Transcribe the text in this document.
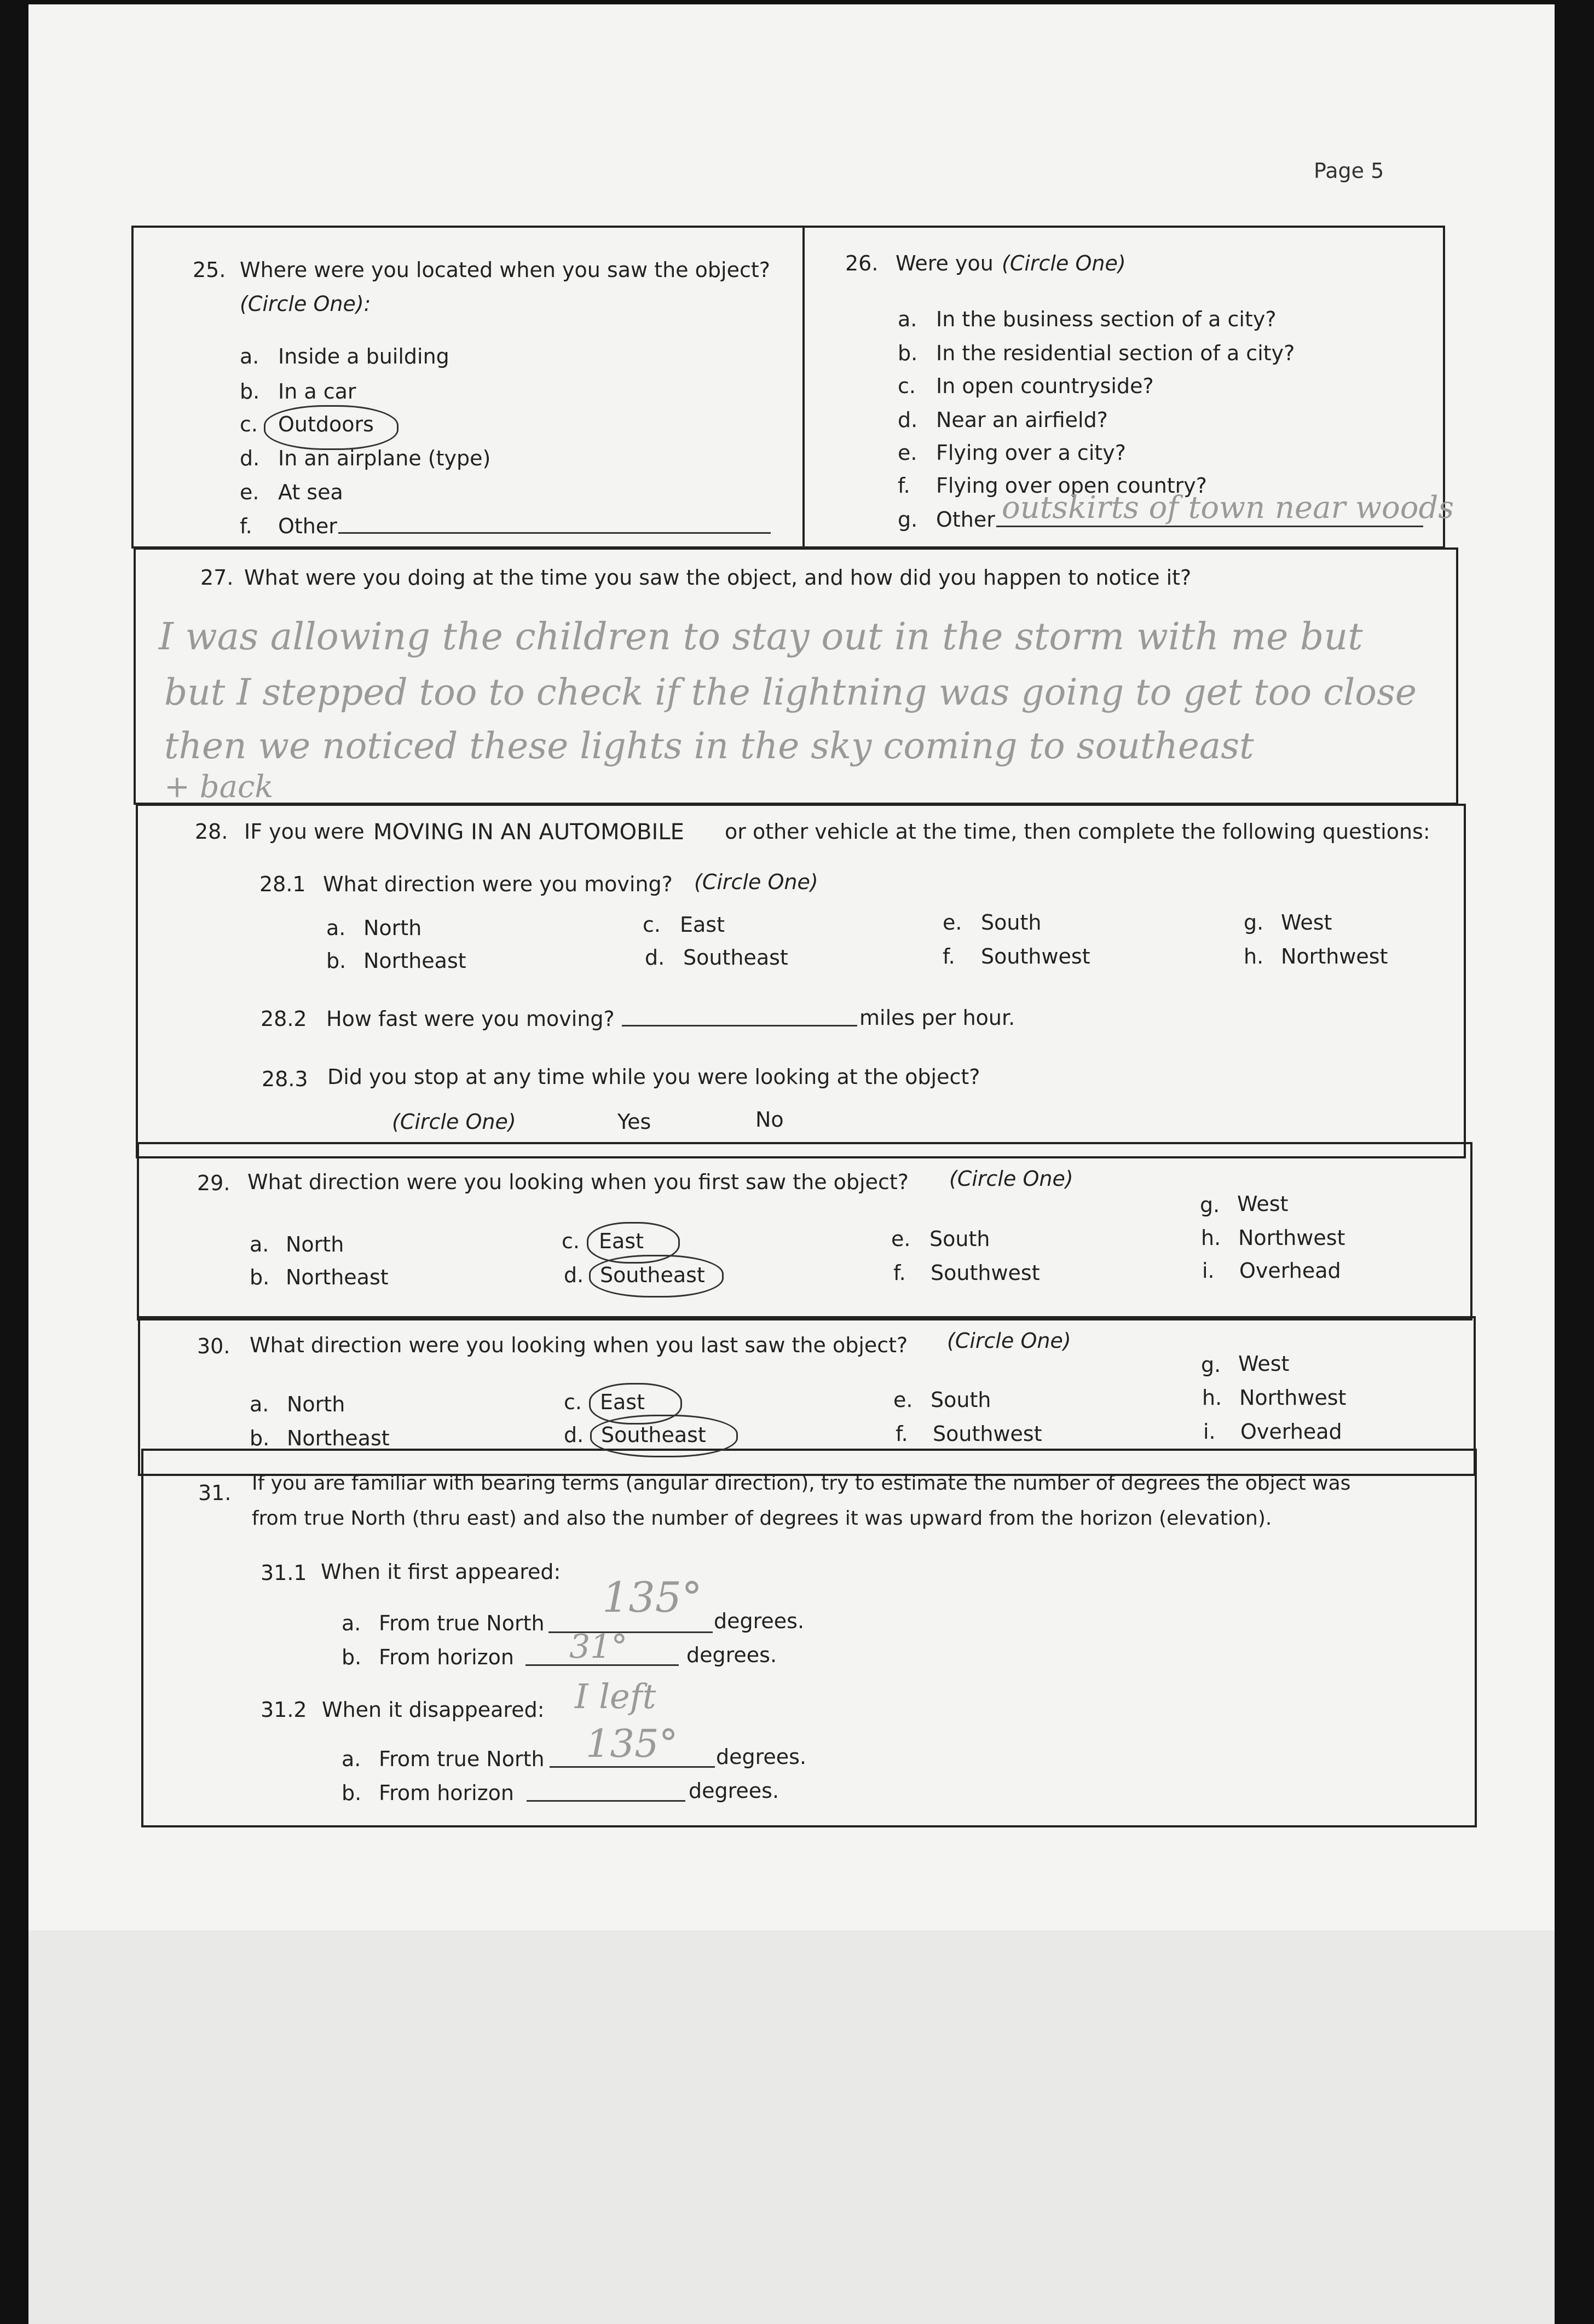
Page 5
25. Where were you located when you saw the object?
(Circle One):
a. Inside a building
b. In a car
c. Outdoors
d. In an airplane (type)
e. At sea
f. Other
26. Were you (Circle One)
a. In the business section of a city?
b. In the residential section of a city?
c. In open countryside?
d. Near an airfield?
e. Flying over a city?
f. Flying over open country?
g. Other outskirts of town near woods
27. What were you doing at the time you saw the object, and how did you happen to notice it?
I was allowing the children to stay out in the storm with me but
but I stepped too to check if the lightning was going to get too close
then we noticed these lights in the sky coming to southeast
+ back
28. IF you were MOVING IN AN AUTOMOBILE or other vehicle at the time, then complete the following questions:
28.1 What direction were you moving? (Circle One)
a. North
b. Northeast
c. East
d. Southeast
e. South
f. Southwest
g. West
h. Northwest
28.2 How fast were you moving?	miles per hour.
28.3 Did you stop at any time while you were looking at the object?
(Circle One)	Yes	No
29. What direction were you looking when you first saw the object? (Circle One)
a. North
b. Northeast
c. East
d. Southeast
e. South
f. Southwest
g. West
h. Northwest
i. Overhead
30. What direction were you looking when you last saw the object? (Circle One)
a. North
b. Northeast
c. East
d. Southeast
e. South
f. Southwest
g. West
h. Northwest
i. Overhead
31. If you are familiar with bearing terms (angular direction), try to estimate the number of degrees the object was
from true North (thru east) and also the number of degrees it was upward from the horizon (elevation).
31.1 When it first appeared:
a. From true North
135° degrees.
b. From horizon 31°	degrees.
31.2 When it disappeared: I left
a. From true North 135° degrees.
b. From horizon	degrees.
